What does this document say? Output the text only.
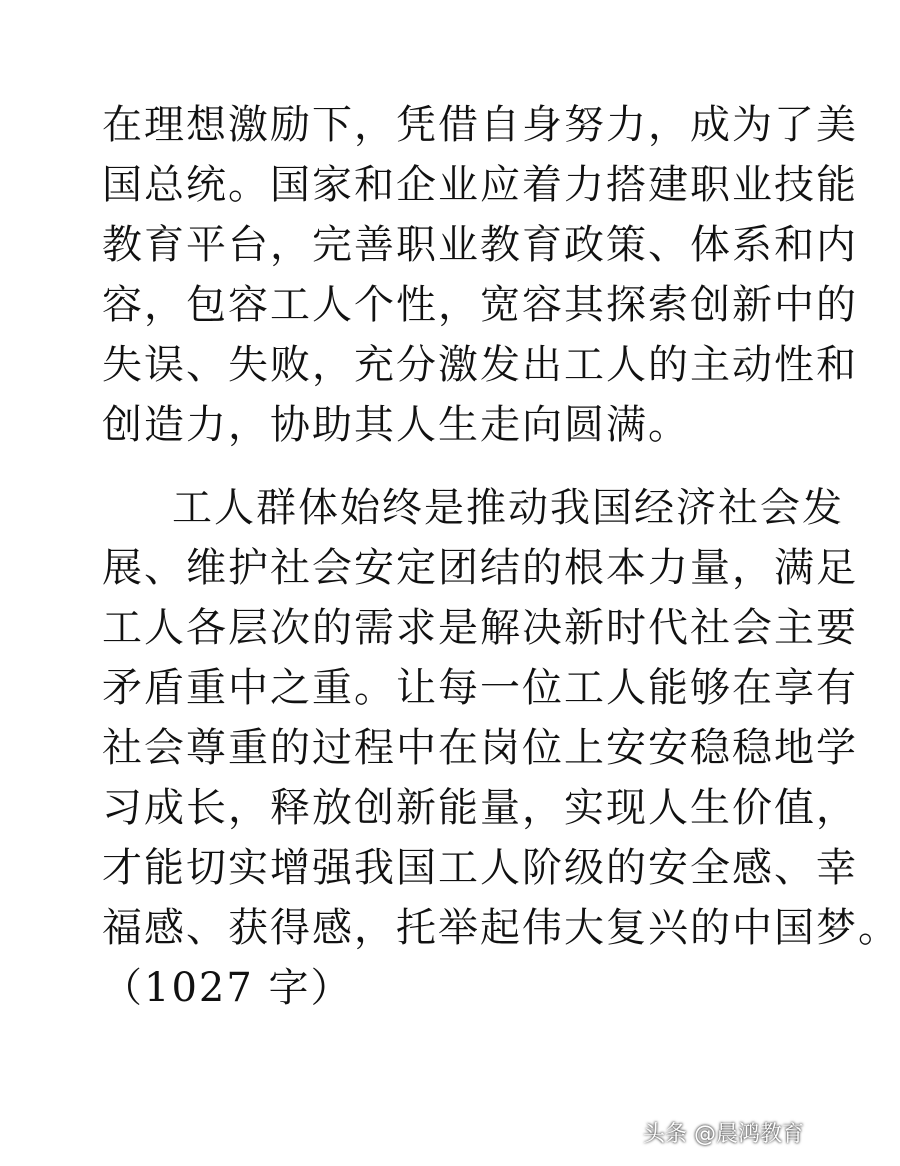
在理想激励下，凭借自身努力，成为了美
国总统。国家和企业应着力搭建职业技能
教育平台，完善职业教育政策、体系和内
容，包容工人个性，宽容其探索创新中的
失误、失败，充分激发出工人的主动性和
创造力，协助其人生走向圆满。
工人群体始终是推动我国经济社会发
展、维护社会安定团结的根本力量，满足
工人各层次的需求是解决新时代社会主要
矛盾重中之重。让每一位工人能够在享有
社会尊重的过程中在岗位上安安稳稳地学
习成长，释放创新能量，实现人生价值，
才能切实增强我国工人阶级的安全感、幸
福感、获得感，托举起伟大复兴的中国梦。
（1027 字）
头条 @晨鸿教育
